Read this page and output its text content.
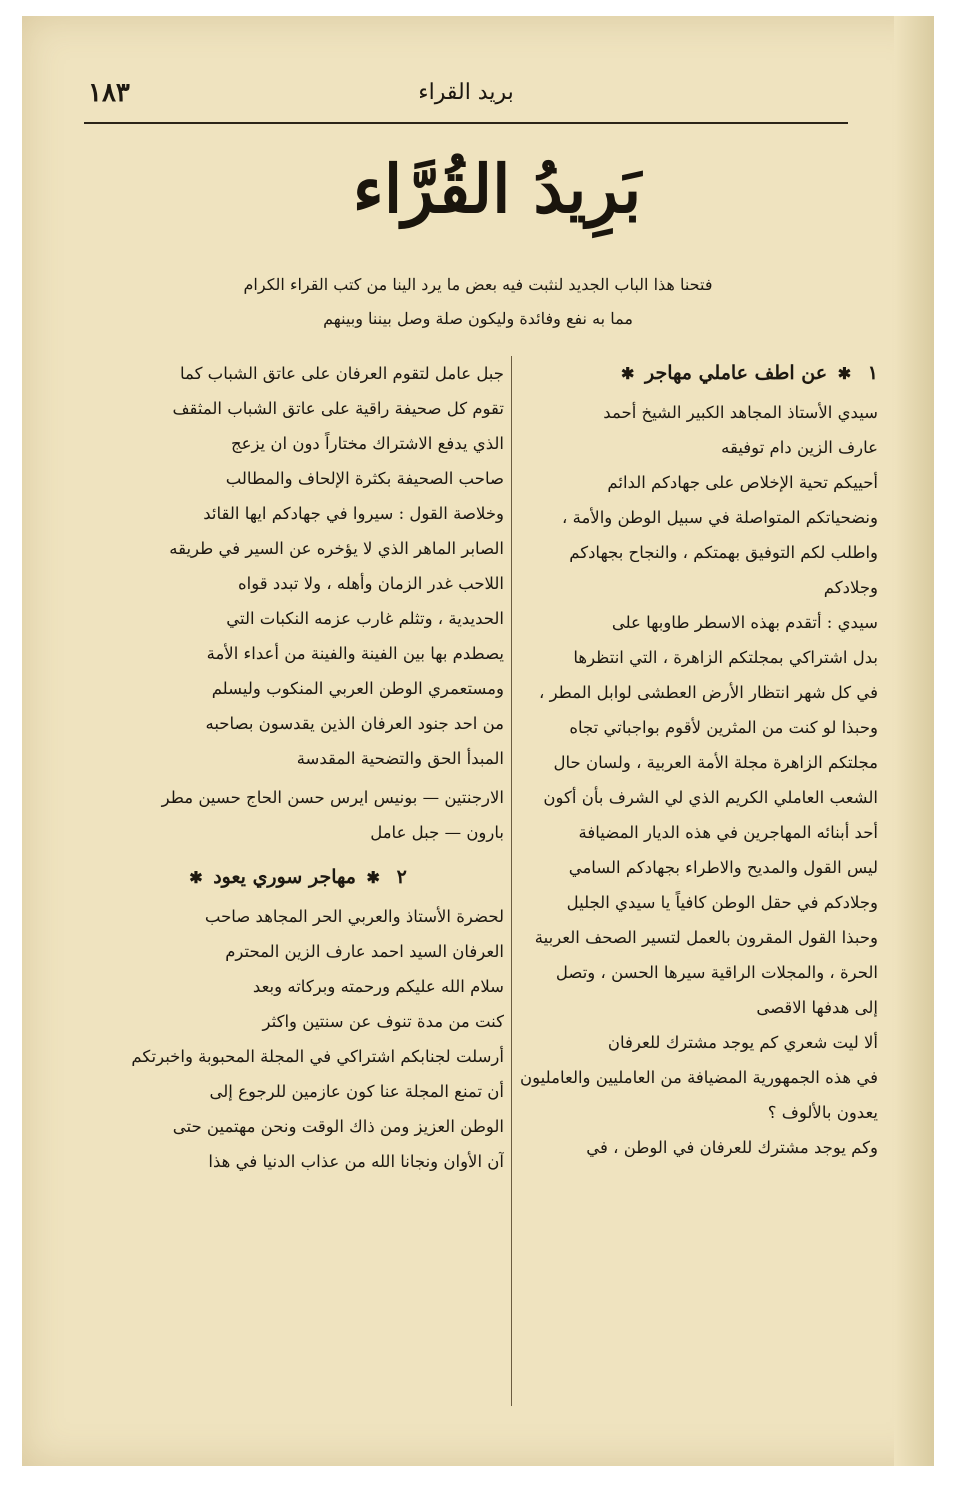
١٨٣	بريد القراء
بَرِيدُ القُرَّاء
فتحنا هذا الباب الجديد لنثبت فيه بعض ما يرد الينا من كتب القراء الكرام
مما به نفع وفائدة وليكون صلة وصل بيننا وبينهم
١ ✱ عن اطف عاملي مهاجر ✱
سيدي الأستاذ المجاهد الكبير الشيخ أحمد
عارف الزين دام توفيقه
أحييكم تحية الإخلاص على جهادكم الدائم
ونضحياتكم المتواصلة في سبيل الوطن والأمة ،
واطلب لكم التوفيق بهمتكم ، والنجاح بجهادكم
وجلادكم
سيدي : أتقدم بهذه الاسطر طاوبها على
بدل اشتراكي بمجلتكم الزاهرة ، التي انتظرها
في كل شهر انتظار الأرض العطشى لوابل المطر ،
وحبذا لو كنت من المثرين لأقوم بواجباتي تجاه
مجلتكم الزاهرة مجلة الأمة العربية ، ولسان حال
الشعب العاملي الكريم الذي لي الشرف بأن أكون
أحد أبنائه المهاجرين في هذه الديار المضيافة
ليس القول والمديح والاطراء بجهادكم السامي
وجلادكم في حقل الوطن كافياً يا سيدي الجليل
وحبذا القول المقرون بالعمل لتسير الصحف العربية
الحرة ، والمجلات الراقية سيرها الحسن ، وتصل
إلى هدفها الاقصى
ألا ليت شعري كم يوجد مشترك للعرفان
في هذه الجمهورية المضيافة من العامليين والعامليون
يعدون بالألوف ؟
وكم يوجد مشترك للعرفان في الوطن ، في
جبل عامل لتقوم العرفان على عاتق الشباب كما
تقوم كل صحيفة راقية على عاتق الشباب المثقف
الذي يدفع الاشتراك مختاراً دون ان يزعج
صاحب الصحيفة بكثرة الإلحاف والمطالب
وخلاصة القول : سيروا في جهادكم ايها القائد
الصابر الماهر الذي لا يؤخره عن السير في طريقه
اللاحب غدر الزمان وأهله ، ولا تبدد قواه
الحديدية ، وتثلم غارب عزمه النكبات التي
يصطدم بها بين الفينة والفينة من أعداء الأمة
ومستعمري الوطن العربي المنكوب وليسلم
من احد جنود العرفان الذين يقدسون بصاحبه
المبدأ الحق والتضحية المقدسة
الارجنتين — بونيس ايرس حسن الحاج حسين مطر
بارون — جبل عامل
٢ ✱ مهاجر سوري يعود ✱
لحضرة الأستاذ والعربي الحر المجاهد صاحب
العرفان السيد احمد عارف الزين المحترم
سلام الله عليكم ورحمته وبركاته وبعد
كنت من مدة تنوف عن سنتين واكثر
أرسلت لجنابكم اشتراكي في المجلة المحبوبة واخبرتكم
أن تمنع المجلة عنا كون عازمين للرجوع إلى
الوطن العزيز ومن ذاك الوقت ونحن مهتمين حتى
آن الأوان ونجانا الله من عذاب الدنيا في هذا
